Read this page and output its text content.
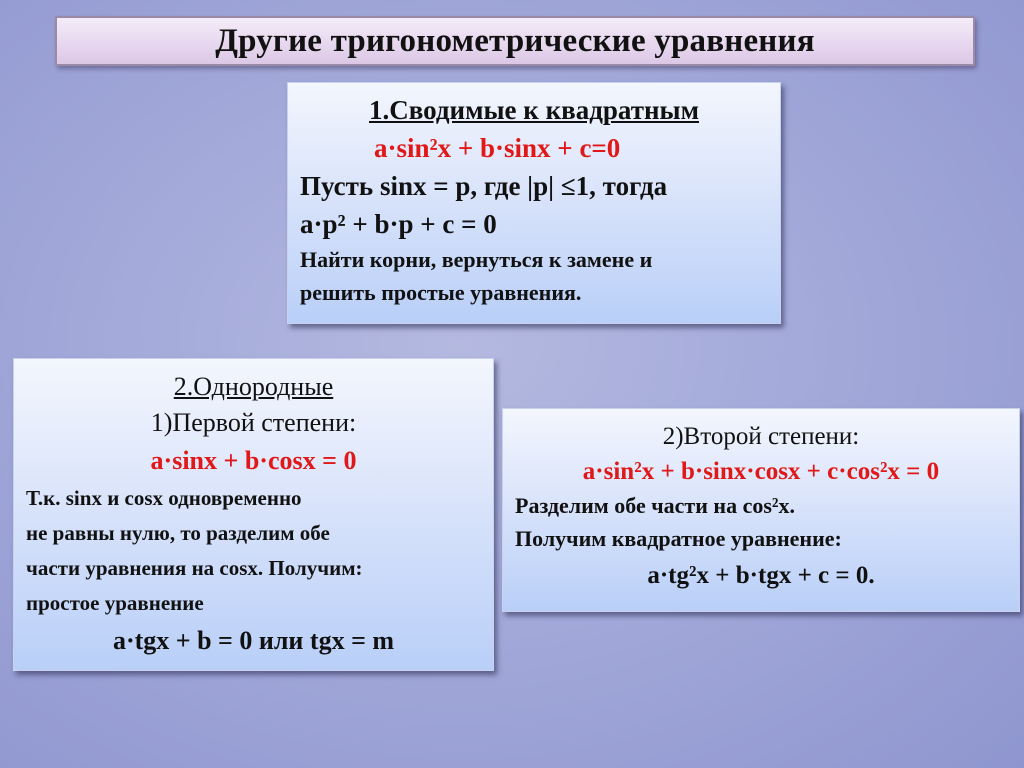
Другие тригонометрические уравнения

1.Сводимые к квадратным

a·sin²x + b·sinx + c=0

Пусть sinx = p, где |p| ≤1, тогда

a·p² + b·p + c = 0

Найти корни, вернуться к замене и

решить простые уравнения.

2.Однородные

1)Первой степени:

a·sinx + b·cosx = 0

Т.к. sinx и cosx одновременно

не равны нулю, то разделим обе

части уравнения на cosx. Получим:

простое уравнение

a·tgx + b = 0 или tgx = m

2)Второй степени:

a·sin²x + b·sinx·cosx + c·cos²x = 0

Разделим обе части на cos²x.

Получим квадратное уравнение:

a·tg²x + b·tgx + c = 0.
